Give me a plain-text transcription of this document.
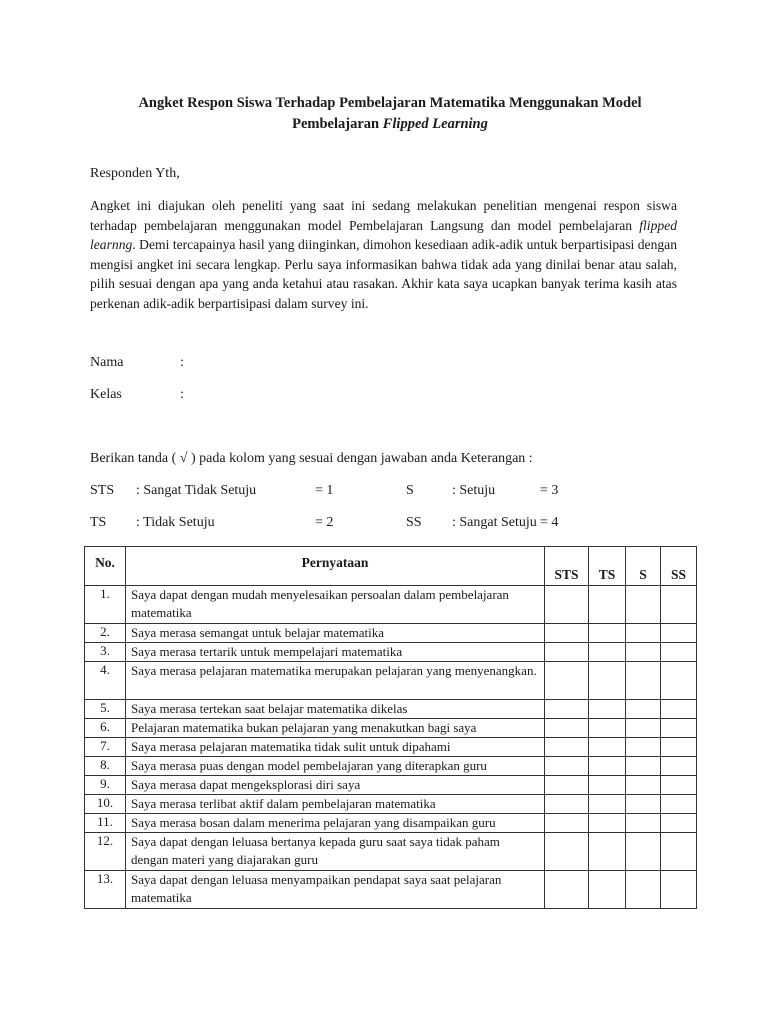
Angket Respon Siswa Terhadap Pembelajaran Matematika Menggunakan Model
Pembelajaran Flipped Learning
Responden Yth,
Angket ini diajukan oleh peneliti yang saat ini sedang melakukan penelitian mengenai respon siswa terhadap pembelajaran menggunakan model Pembelajaran Langsung dan model pembelajaran flipped learnng. Demi tercapainya hasil yang diinginkan, dimohon kesediaan adik-adik untuk berpartisipasi dengan mengisi angket ini secara lengkap. Perlu saya informasikan bahwa tidak ada yang dinilai benar atau salah, pilih sesuai dengan apa yang anda ketahui atau rasakan. Akhir kata saya ucapkan banyak terima kasih atas perkenan adik-adik berpartisipasi dalam survey ini.
Nama	:
Kelas	:
Berikan tanda ( √ ) pada kolom yang sesuai dengan jawaban anda Keterangan :
STS : Sangat Tidak Setuju	= 1	S	: Setuju	= 3
TS : Tidak Setuju	= 2	SS : Sangat Setuju = 4
No.	Pernyataan	STS	TS	S	SS
1.	Saya dapat dengan mudah menyelesaikan persoalan dalam pembelajaran matematika				
2.	Saya merasa semangat untuk belajar matematika				
3.	Saya merasa tertarik untuk mempelajari matematika				
4.	Saya merasa pelajaran matematika merupakan pelajaran yang menyenangkan.				
5.	Saya merasa tertekan saat belajar matematika dikelas				
6.	Pelajaran matematika bukan pelajaran yang menakutkan bagi saya				
7.	Saya merasa pelajaran matematika tidak sulit untuk dipahami				
8.	Saya merasa puas dengan model pembelajaran yang diterapkan guru				
9.	Saya merasa dapat mengeksplorasi diri saya				
10.	Saya merasa terlibat aktif dalam pembelajaran matematika				
11.	Saya merasa bosan dalam menerima pelajaran yang disampaikan guru				
12.	Saya dapat dengan leluasa bertanya kepada guru saat saya tidak paham dengan materi yang diajarakan guru				
13.	Saya dapat dengan leluasa menyampaikan pendapat saya saat pelajaran matematika				
